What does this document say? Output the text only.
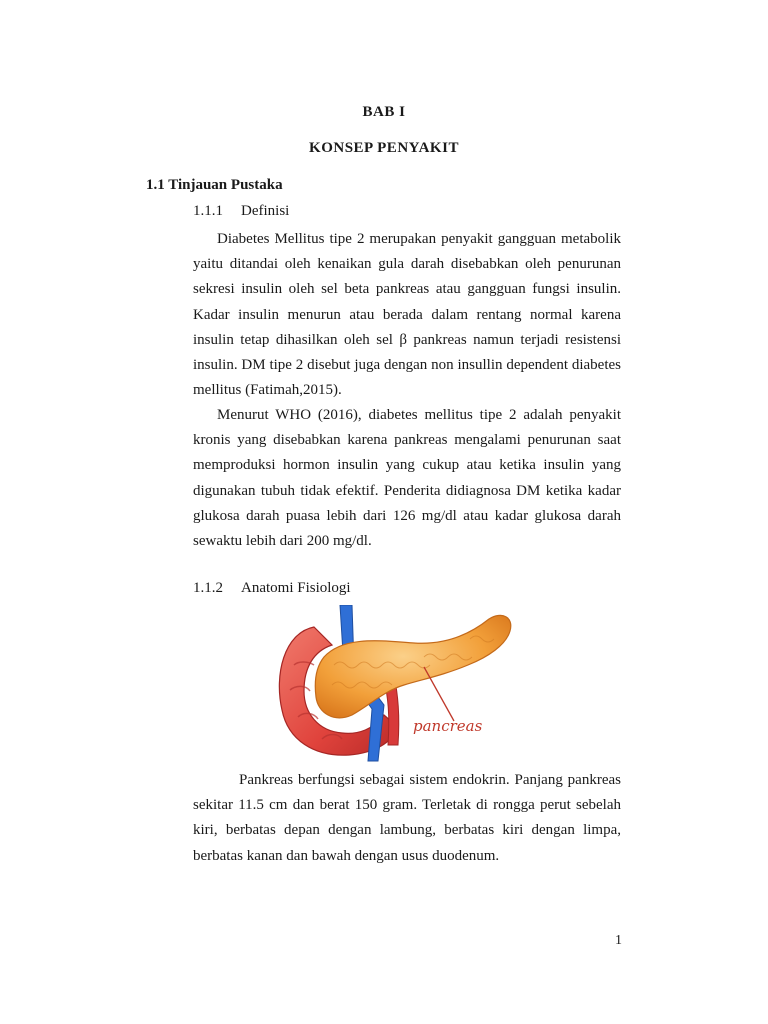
BAB I
KONSEP PENYAKIT
1.1 Tinjauan Pustaka
1.1.1 Definisi

Diabetes Mellitus tipe 2 merupakan penyakit gangguan metabolik yaitu ditandai oleh kenaikan gula darah disebabkan oleh penurunan sekresi insulin oleh sel beta pankreas atau gangguan fungsi insulin. Kadar insulin menurun atau berada dalam rentang normal karena insulin tetap dihasilkan oleh sel β pankreas namun terjadi resistensi insulin. DM tipe 2 disebut juga dengan non insullin dependent diabetes mellitus (Fatimah,2015).

Menurut WHO (2016), diabetes mellitus tipe 2 adalah penyakit kronis yang disebabkan karena pankreas mengalami penurunan saat memproduksi hormon insulin yang cukup atau ketika insulin yang digunakan tubuh tidak efektif. Penderita didiagnosa DM ketika kadar glukosa darah puasa lebih dari 126 mg/dl atau kadar glukosa darah sewaktu lebih dari 200 mg/dl.

1.1.2 Anatomi Fisiologi
pancreas

Pankreas berfungsi sebagai sistem endokrin. Panjang pankreas sekitar 11.5 cm dan berat 150 gram. Terletak di rongga perut sebelah kiri, berbatas depan dengan lambung, berbatas kiri dengan limpa, berbatas kanan dan bawah dengan usus duodenum.

1
